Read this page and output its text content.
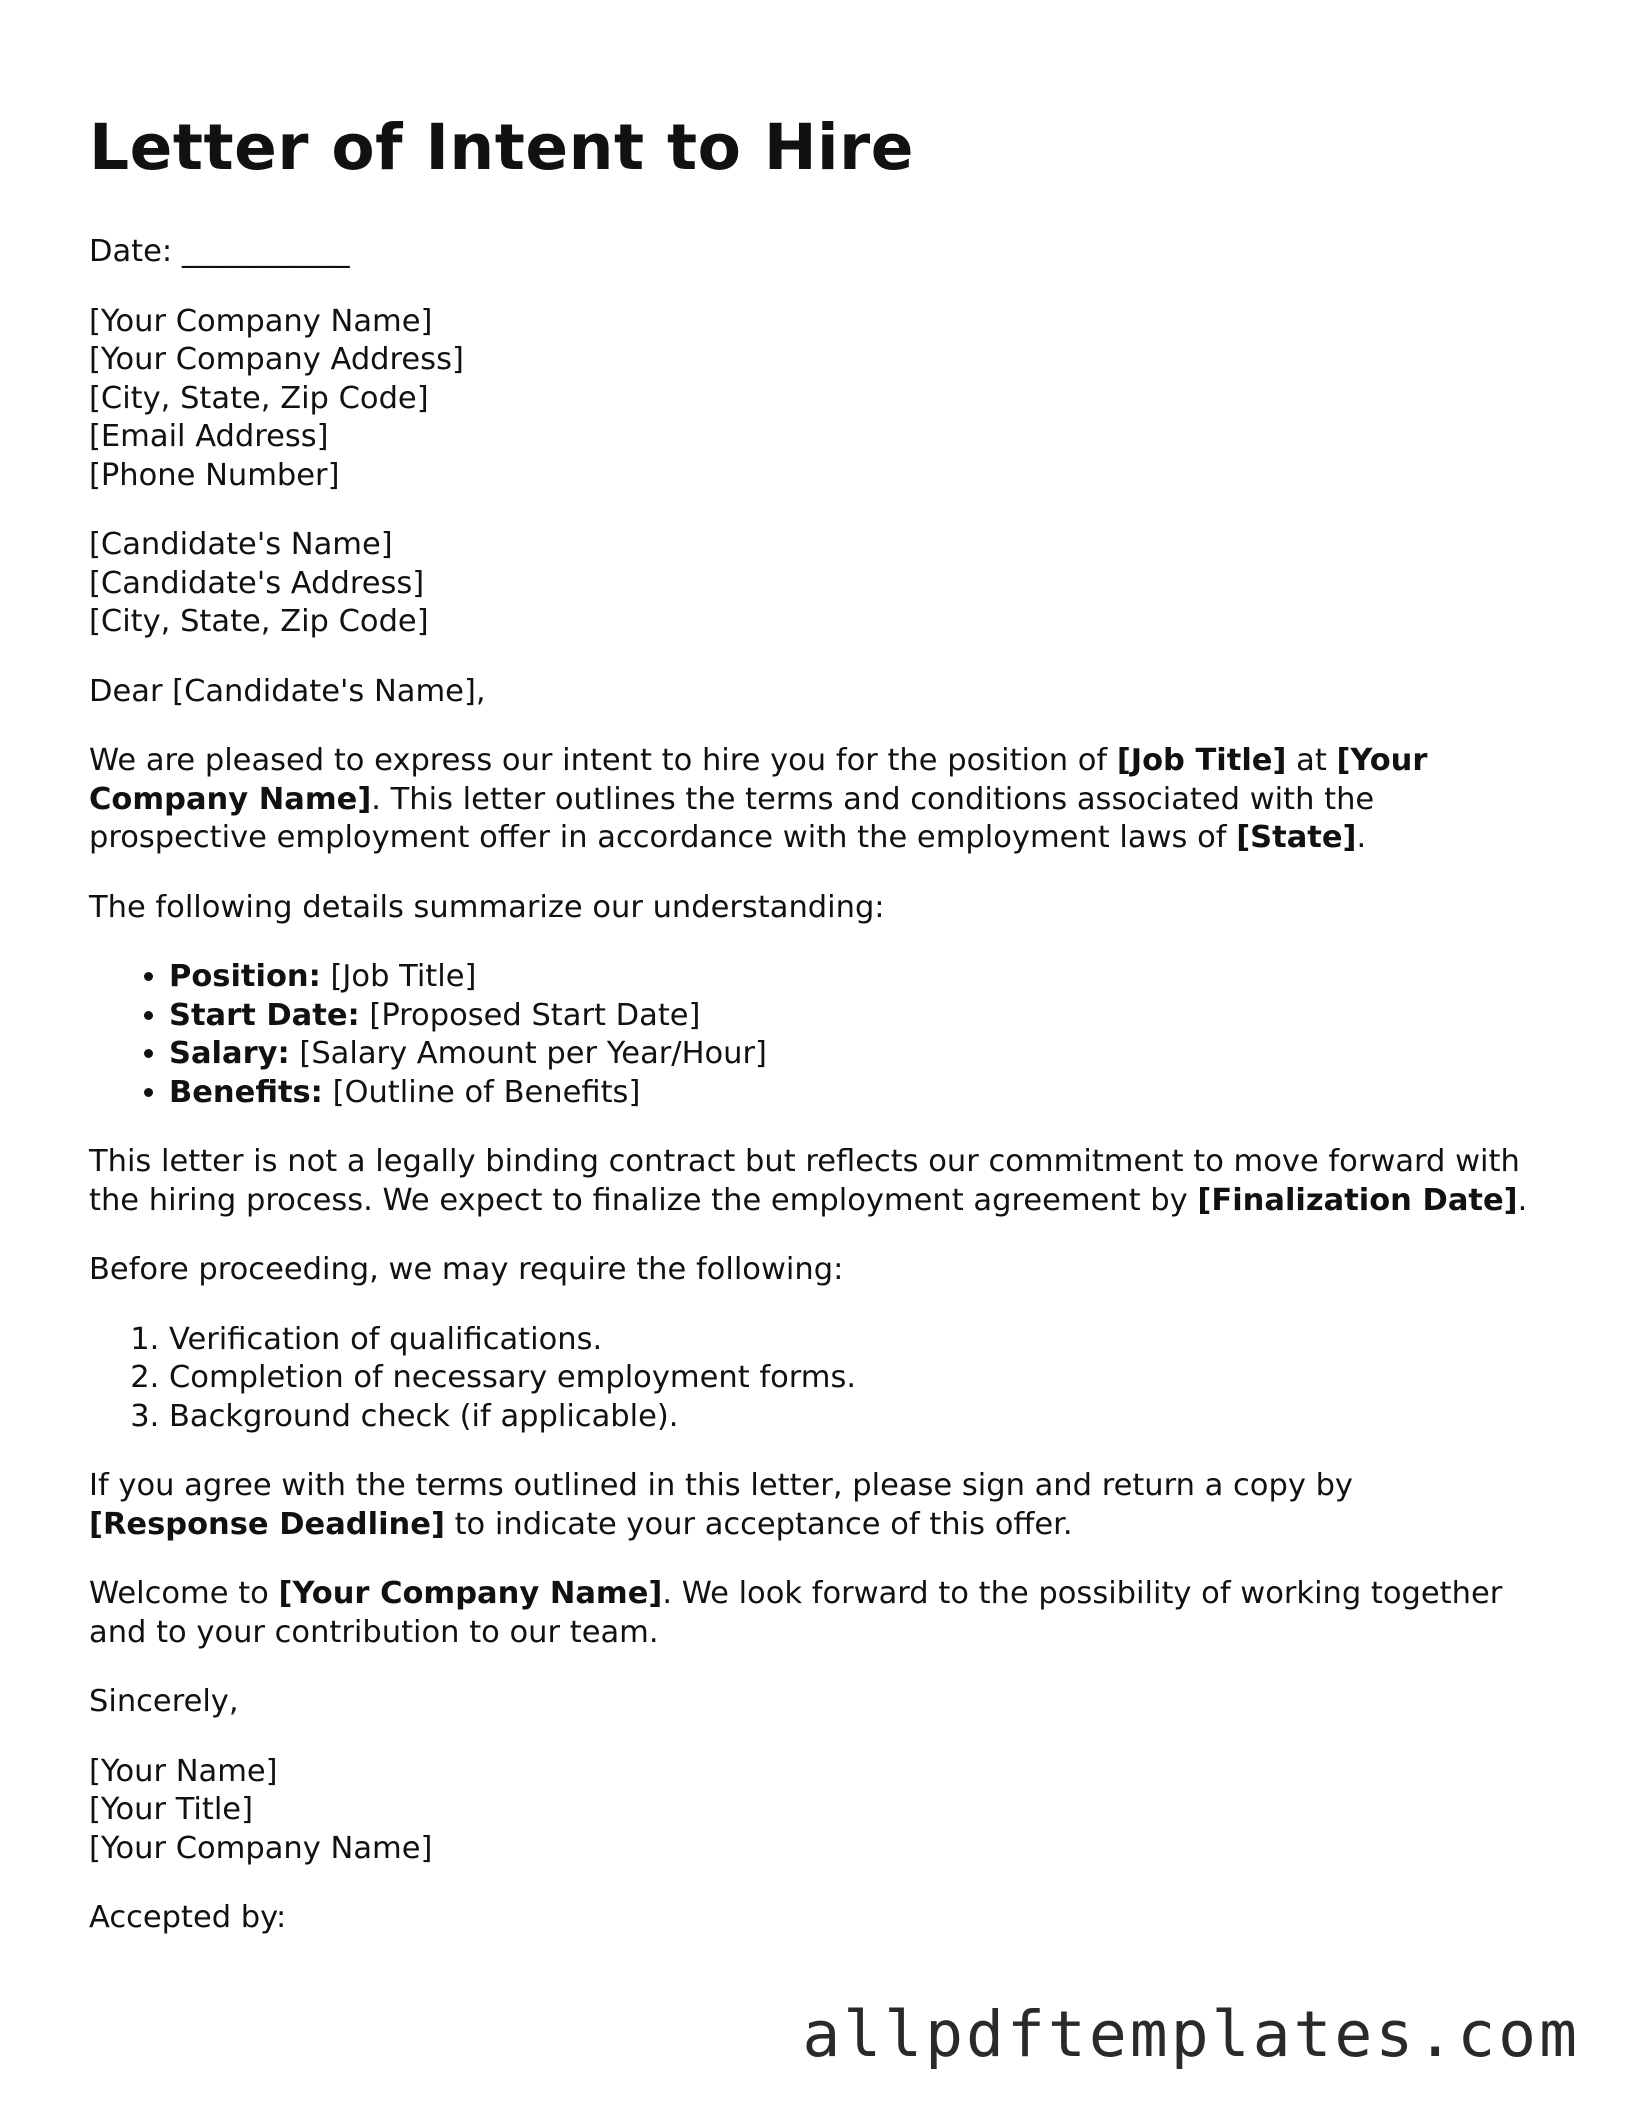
Letter of Intent to Hire

Date: ___________

[Your Company Name]
[Your Company Address]
[City, State, Zip Code]
[Email Address]
[Phone Number]
[Candidate's Name]
[Candidate's Address]
[City, State, Zip Code]

Dear [Candidate's Name],

We are pleased to express our intent to hire you for the position of [Job Title] at [Your Company Name]. This letter outlines the terms and conditions associated with the prospective employment offer in accordance with the employment laws of [State].

The following details summarize our understanding:

• Position: [Job Title]
• Start Date: [Proposed Start Date]
• Salary: [Salary Amount per Year/Hour]
• Benefits: [Outline of Benefits]

This letter is not a legally binding contract but reflects our commitment to move forward with the hiring process. We expect to finalize the employment agreement by [Finalization Date].

Before proceeding, we may require the following:

1. Verification of qualifications.
2. Completion of necessary employment forms.
3. Background check (if applicable).

If you agree with the terms outlined in this letter, please sign and return a copy by [Response Deadline] to indicate your acceptance of this offer.

Welcome to [Your Company Name]. We look forward to the possibility of working together and to your contribution to our team.

Sincerely,

[Your Name]
[Your Title]
[Your Company Name]

Accepted by:

allpdftemplates.com
